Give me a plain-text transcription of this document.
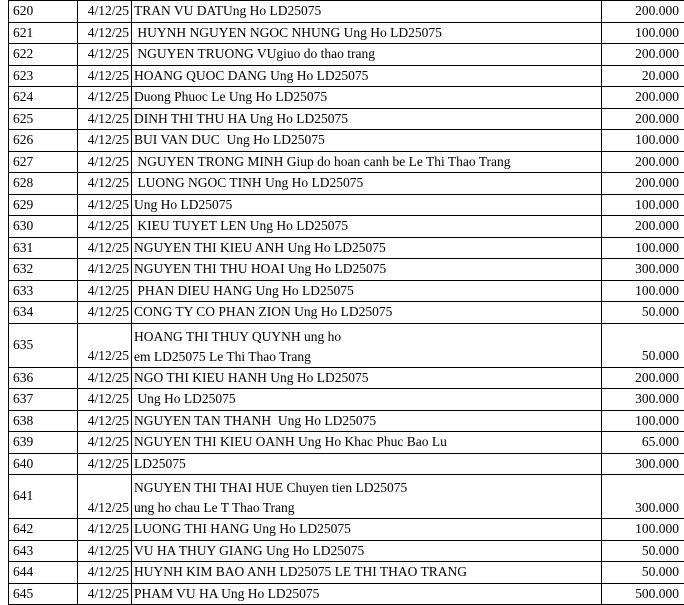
620	4/12/25	TRAN VU DATUng Ho LD25075	200.000
621	4/12/25	HUYNH NGUYEN NGOC NHUNG Ung Ho LD25075	100.000
622	4/12/25	NGUYEN TRUONG VUgiuo do thao trang	200.000
623	4/12/25	HOANG QUOC DANG Ung Ho LD25075	20.000
624	4/12/25	Duong Phuoc Le Ung Ho LD25075	200.000
625	4/12/25	DINH THI THU HA Ung Ho LD25075	200.000
626	4/12/25	BUI VAN DUC  Ung Ho LD25075	100.000
627	4/12/25	NGUYEN TRONG MINH Giup do hoan canh be Le Thi Thao Trang	200.000
628	4/12/25	LUONG NGOC TINH Ung Ho LD25075	200.000
629	4/12/25	Ung Ho LD25075	100.000
630	4/12/25	KIEU TUYET LEN Ung Ho LD25075	200.000
631	4/12/25	NGUYEN THI KIEU ANH Ung Ho LD25075	100.000
632	4/12/25	NGUYEN THI THU HOAI Ung Ho LD25075	300.000
633	4/12/25	PHAN DIEU HANG Ung Ho LD25075	100.000
634	4/12/25	CONG TY CO PHAN ZION Ung Ho LD25075	50.000
635	4/12/25	HOANG THI THUY QUYNH ung ho
em LD25075 Le Thi Thao Trang	50.000
636	4/12/25	NGO THI KIEU HANH Ung Ho LD25075	200.000
637	4/12/25	Ung Ho LD25075	300.000
638	4/12/25	NGUYEN TAN THANH  Ung Ho LD25075	100.000
639	4/12/25	NGUYEN THI KIEU OANH Ung Ho Khac Phuc Bao Lu	65.000
640	4/12/25	LD25075	300.000
641	4/12/25	NGUYEN THI THAI HUE Chuyen tien LD25075
ung ho chau Le T Thao Trang	300.000
642	4/12/25	LUONG THI HANG Ung Ho LD25075	100.000
643	4/12/25	VU HA THUY GIANG Ung Ho LD25075	50.000
644	4/12/25	HUYNH KIM BAO ANH LD25075 LE THI THAO TRANG	50.000
645	4/12/25	PHAM VU HA Ung Ho LD25075	500.000
